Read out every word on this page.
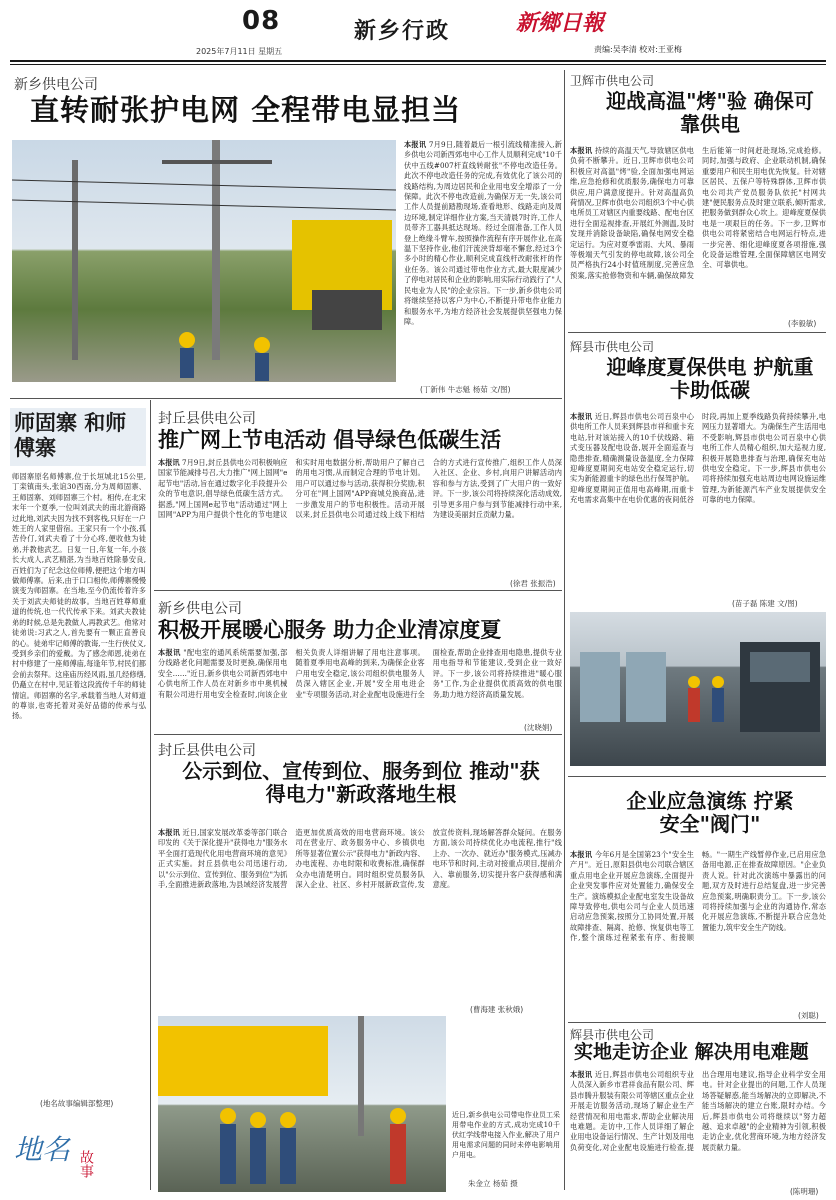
08
2025年7月11日 星期五
新乡行政	新鄉日報
责编:吴李清 校对:王亚梅
新乡供电公司
直转耐张护电网 全程带电显担当
本报讯 7月9日,随着最后一根引流线精准接入,新乡供电公司新西郊电中心工作人员顺利完成"10千伏中五线#007杆直线转耐张"不停电改造任务。此次不停电改造任务的完成,有效优化了该公司的线路结构,为周边居民和企业用电安全增添了一分保障。此次不停电改造前,为确保万无一失,该公司工作人员提前踏勘现场,查看地形、线路走向及周边环境,制定详细作业方案,当天清晨7时许,工作人员带齐工器具抵达现场。经过全面准备,工作人员登上绝缘斗臂车,按照操作流程有序开展作业,在高温下坚持作业,他们汗流浃背却毫不懈怠,经过3个多小时的精心作业,顺利完成直线杆改耐张杆的作业任务。该公司通过带电作业方式,最大限度减少了停电对居民和企业的影响,用实际行动践行了"人民电业为人民"的企业宗旨。下一步,新乡供电公司将继续坚持以客户为中心,不断提升带电作业能力和服务水平,为地方经济社会发展提供坚强电力保障。
(丁新伟 牛志魁 杨茹 文/图)
卫辉市供电公司
迎战高温"烤"验 确保可靠供电
本报讯 持续的高温天气,导致辖区供电负荷不断攀升。近日,卫辉市供电公司积极应对高温"烤"验,全面加强电网运维,应急抢修和优质服务,确保电力可靠供应,用户满意度提升。针对高温高负荷情况,卫辉市供电公司组织3个中心供电所员工对辖区内重要线路、配电台区进行全面巡视排查,开展红外测温,及时发现并消除设备缺陷,确保电网安全稳定运行。为应对夏季雷雨、大风、暴雨等极端天气引发的停电故障,该公司全员严格执行24小时值班制度,完善应急预案,落实抢修物资和车辆,确保故障发生后能第一时间赶赴现场,完成抢修。同时,加强与政府、企业联动机制,确保重要用户和民生用电优先恢复。针对辖区居民、五保户等特殊群体,卫辉市供电公司共产党员服务队依托"村网共建"便民服务点及时建立联系,倾听需求,把服务做到群众心坎上。迎峰度夏保供电是一项艰巨的任务。下一步,卫辉市供电公司将紧密结合电网运行特点,进一步完善、细化迎峰度夏各项措施,强化设备运维管理,全面保障辖区电网安全、可靠供电。
(李毅敏)
辉县市供电公司
迎峰度夏保供电 护航重卡助低碳
本报讯 近日,辉县市供电公司百泉中心供电所工作人员来到辉县市祥和重卡充电站,针对该站接入的10千伏线路、箱式变压器及配电设备,展开全面巡查与隐患排查,精确测量设备温度,全力保障迎峰度夏期间充电站安全稳定运行,切实为新能源重卡的绿色出行保驾护航。迎峰度夏期间正值用电高峰期,而重卡充电需求高集中在电价优惠的夜间低谷时段,再加上夏季线路负荷持续攀升,电网压力显著增大。为确保生产生活用电不受影响,辉县市供电公司百泉中心供电所工作人员精心组织,加大巡视力度,积极开展隐患排查与治理,确保充电站供电安全稳定。下一步,辉县市供电公司将持续加强充电站周边电网设施运维管理,为新能源汽车产业发展提供安全可靠的电力保障。
(苗子磊 陈建 文/图)
封丘县供电公司
推广网上节电活动 倡导绿色低碳生活
本报讯 7月9日,封丘县供电公司积极响应国家节能减排号召,大力推广"网上国网"e起节电"活动,旨在通过数字化手段提升公众的节电意识,倡导绿色低碳生活方式。据悉,"网上国网e起节电"活动通过"网上国网"APP为用户提供个性化的节电建议和实时用电数据分析,帮助用户了解自己的用电习惯,从而制定合理的节电计划。用户可以通过参与活动,获得积分奖励,积分可在"网上国网"APP商城兑换商品,进一步激发用户的节电积极性。活动开展以来,封丘县供电公司通过线上线下相结合的方式进行宣传推广,组织工作人员深入社区、企业、乡村,向用户讲解活动内容和参与方法,受到了广大用户的一致好评。下一步,该公司将持续深化活动成效,引导更多用户参与到节能减排行动中来,为建设美丽封丘贡献力量。
(徐君 张振浩)
新乡供电公司
积极开展暖心服务 助力企业清凉度夏
本报讯 "配电室的通风系统需要加强,部分线路老化问题需要及时更换,确保用电安全……"近日,新乡供电公司新西郊电中心供电所工作人员在对新乡市中奥机械有限公司进行用电安全检查时,向该企业相关负责人详细讲解了用电注意事项。随着夏季用电高峰的到来,为确保企业客户用电安全稳定,该公司组织供电服务人员深入辖区企业,开展"安全用电进企业"专项服务活动,对企业配电设施进行全面检查,帮助企业排查用电隐患,提供专业用电指导和节能建议,受到企业一致好评。下一步,该公司将持续推进"暖心服务"工作,为企业提供优质高效的供电服务,助力地方经济高质量发展。
(沈晓娟)
封丘县供电公司
公示到位、宣传到位、服务到位 推动"获得电力"新政落地生根
本报讯 近日,国家发展改革委等部门联合印发的《关于深化提升"获得电力"服务水平全面打造现代化用电营商环境的意见》正式实施。封丘县供电公司迅速行动,以"公示到位、宣传到位、服务到位"为抓手,全面推进新政落地,为县域经济发展营造更加优质高效的用电营商环境。该公司在营业厅、政务服务中心、乡镇供电所等显著位置公示"获得电力"新政内容、办电流程、办电时限和收费标准,确保群众办电清楚明白。同时组织党员服务队深入企业、社区、乡村开展新政宣传,发放宣传资料,现场解答群众疑问。在服务方面,该公司持续优化办电流程,推行"线上办、一次办、就近办"服务模式,压减办电环节和时间,主动对接重点项目,提前介入、靠前服务,切实提升客户获得感和满意度。
(曹海建 张秋娥)
近日,新乡供电公司带电作业员工采用带电作业的方式,成功完成10千伏红学线带电接入作业,解决了用户用电需求问题的同时未停电影响用户用电。
朱金立 杨茹 摄
企业应急演练 拧紧安全"阀门"
本报讯 今年6月是全国第23个"安全生产月"。近日,原阳县供电公司联合辖区重点用电企业开展应急演练,全面提升企业突发事件应对处置能力,确保安全生产。演练模拟企业配电室发生设备故障导致停电,供电公司与企业人员迅速启动应急预案,按照分工协同处置,开展故障排查、隔离、抢修、恢复供电等工作,整个演练过程紧张有序、衔接顺畅。"一期生产线暂停作业,已启用应急备用电源,正在排查故障原因。"企业负责人说。针对此次演练中暴露出的问题,双方及时进行总结复盘,进一步完善应急预案,明确职责分工。下一步,该公司将持续加强与企业的沟通协作,常态化开展应急演练,不断提升联合应急处置能力,筑牢安全生产防线。
(刘聪)
辉县市供电公司
实地走访企业 解决用电难题
本报讯 近日,辉县市供电公司组织专业人员深入新乡市君祥食品有限公司、辉县市腾升服装有限公司等辖区重点企业开展走访服务活动,现场了解企业生产经营情况和用电需求,帮助企业解决用电难题。走访中,工作人员详细了解企业用电设备运行情况、生产计划及用电负荷变化,对企业配电设施进行检查,提出合理用电建议,指导企业科学安全用电。针对企业提出的问题,工作人员现场答疑解惑,能当场解决的立即解决,不能当场解决的建立台账,限时办结。今后,辉县市供电公司将继续以"努力超越、追求卓越"的企业精神为引领,积极走访企业,优化营商环境,为地方经济发展贡献力量。
(陈明珊)
师固寨 和师傅寨
师固寨原名师傅寨,位于长垣城北15公里,丁栾镇南头,张谊30西南,分为周师固寨、王师固寨、刘师固寨三个村。相传,在北宋末年一个夏季,一位叫刘武夫的南北游商路过此地,刘武夫因为找不到客栈,只好在一户姓王的人家里借宿。王家只有一个小孩,孤苦伶仃,刘武夫看了十分心疼,便收他为徒弟,并教他武艺。日复一日,年复一年,小孩长大成人,武艺精湛,为当地百姓除暴安良,百姓们为了纪念这位师傅,便把这个地方叫做师傅寨。后来,由于口口相传,师傅寨慢慢演变为师固寨。在当地,至今仍流传着许多关于刘武夫师徒的故事。当地百姓尊师重道的传统,也一代代传承下来。刘武夫教徒弟的时候,总是先教做人,再教武艺。他常对徒弟说:习武之人,首先要有一颗正直善良的心。徒弟牢记师傅的教诲,一生行侠仗义,受到乡亲们的爱戴。为了感念师恩,徒弟在村中修建了一座师傅庙,每逢年节,村民们都会前去祭拜。这座庙历经风雨,虽几经修缮,仍矗立在村中,见证着这段流传千年的师徒情谊。师固寨的名字,承载着当地人对师道的尊崇,也寄托着对美好品德的传承与弘扬。
(地名故事编辑部整理)
地名 故事
